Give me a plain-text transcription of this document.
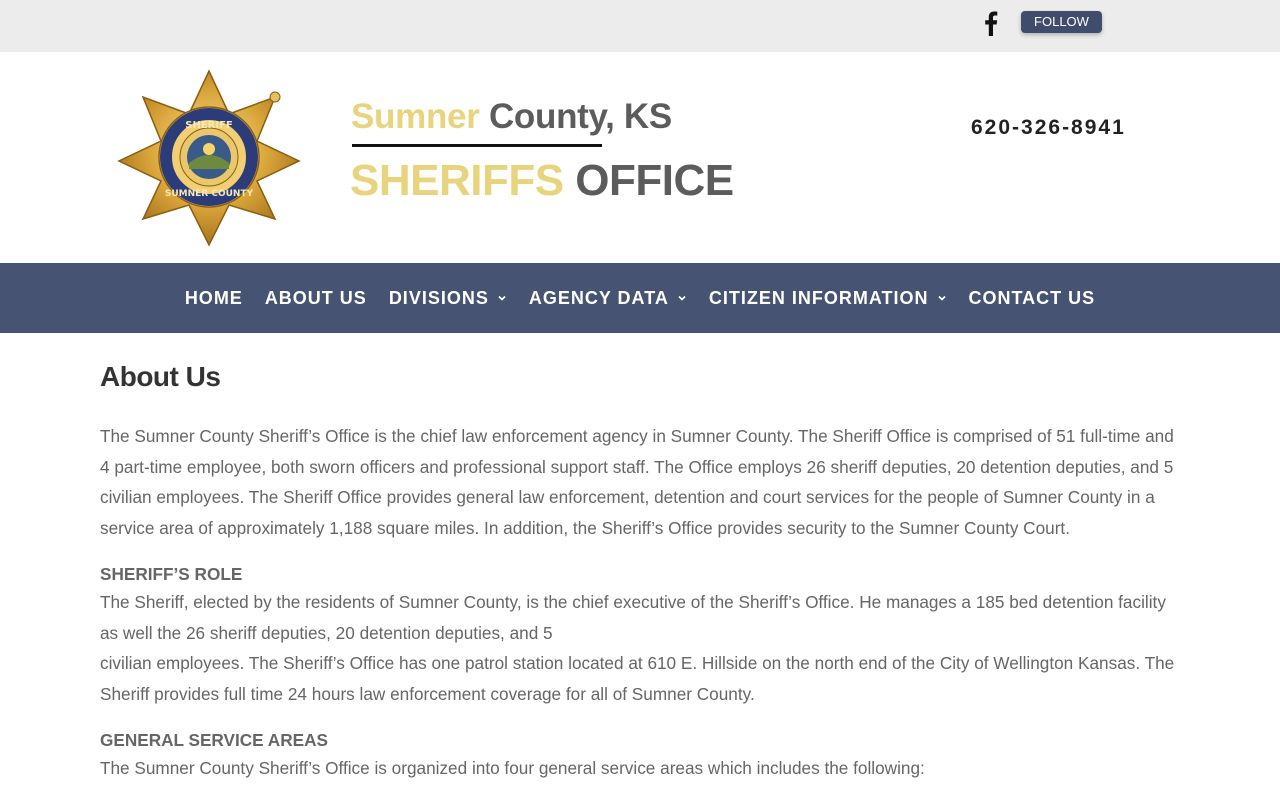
FOLLOW
SHERIFF
SUMNER COUNTY
Sumner County, KS
SHERIFFS OFFICE
620-326-8941
HOME ABOUT US DIVISIONS AGENCY DATA CITIZEN INFORMATION CONTACT US
About Us

The Sumner County Sheriff’s Office is the chief law enforcement agency in Sumner County. The Sheriff Office is comprised of 51 full-time and 4 part-time employee, both sworn officers and professional support staff. The Office employs 26 sheriff deputies, 20 detention deputies, and 5 civilian employees. The Sheriff Office provides general law enforcement, detention and court services for the people of Sumner County in a service area of approximately 1,188 square miles. In addition, the Sheriff’s Office provides security to the Sumner County Court.

SHERIFF’S ROLE

The Sheriff, elected by the residents of Sumner County, is the chief executive of the Sheriff’s Office. He manages a 185 bed detention facility as well the 26 sheriff deputies, 20 detention deputies, and 5

civilian employees. The Sheriff’s Office has one patrol station located at 610 E. Hillside on the north end of the City of Wellington Kansas. The Sheriff provides full time 24 hours law enforcement coverage for all of Sumner County.

GENERAL SERVICE AREAS

The Sumner County Sheriff’s Office is organized into four general service areas which includes the following:
